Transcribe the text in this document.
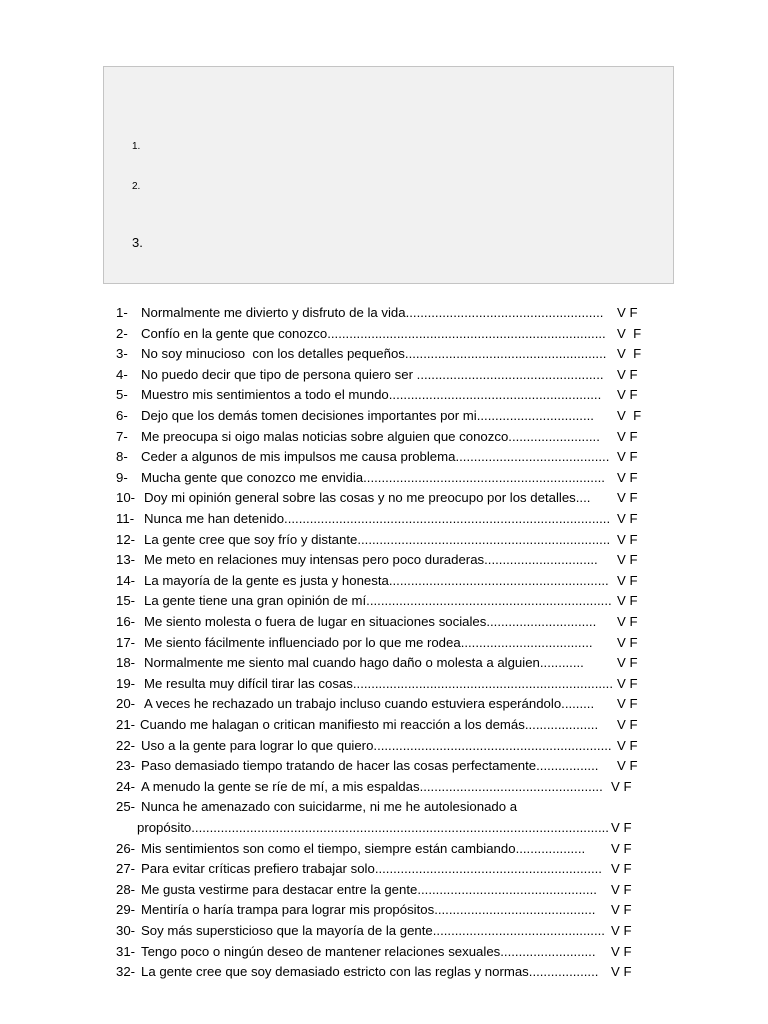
1.
2.
3.
1- Normalmente me divierto y disfruto de la vida...................................................... V F
2- Confío en la gente que conozco............................................................................ V  F
3- No soy minucioso  con los detalles pequeños....................................................... V  F
4- No puedo decir que tipo de persona quiero ser ................................................... V F
5- Muestro mis sentimientos a todo el mundo.......................................................... V F
6- Dejo que los demás tomen decisiones importantes por mi................................ V  F
7- Me preocupa si oigo malas noticias sobre alguien que conozco......................... V F
8- Ceder a algunos de mis impulsos me causa problema.......................................... V F
9- Mucha gente que conozco me envidia.................................................................. V F
10- Doy mi opinión general sobre las cosas y no me preocupo por los detalles.... V F
11- Nunca me han detenido......................................................................................... V F
12- La gente cree que soy frío y distante..................................................................... V F
13- Me meto en relaciones muy intensas pero poco duraderas............................... V F
14- La mayoría de la gente es justa y honesta............................................................ V F
15- La gente tiene una gran opinión de mí................................................................... V F
16- Me siento molesta o fuera de lugar en situaciones sociales.............................. V F
17- Me siento fácilmente influenciado por lo que me rodea.................................... V F
18- Normalmente me siento mal cuando hago daño o molesta a alguien............	V F
19- Me resulta muy difícil tirar las cosas....................................................................... V F
20- A veces he rechazado un trabajo incluso cuando estuviera esperándolo......... V F
21- Cuando me halagan o critican manifiesto mi reacción a los demás.................... V F
22- Uso a la gente para lograr lo que quiero................................................................. V F
23- Paso demasiado tiempo tratando de hacer las cosas perfectamente................. V F
24- A menudo la gente se ríe de mí, a mis espaldas.................................................. V F
25- Nunca he amenazado con suicidarme, ni me he autolesionado a
propósito.................................................................................................................. V F
26- Mis sentimientos son como el tiempo, siempre están cambiando................... V F
27- Para evitar críticas prefiero trabajar solo.............................................................. V F
28- Me gusta vestirme para destacar entre la gente................................................. V F
29- Mentiría o haría trampa para lograr mis propósitos............................................ V F
30- Soy más supersticioso que la mayoría de la gente............................................... V F
31- Tengo poco o ningún deseo de mantener relaciones sexuales.......................... V F
32- La gente cree que soy demasiado estricto con las reglas y normas................... V F
